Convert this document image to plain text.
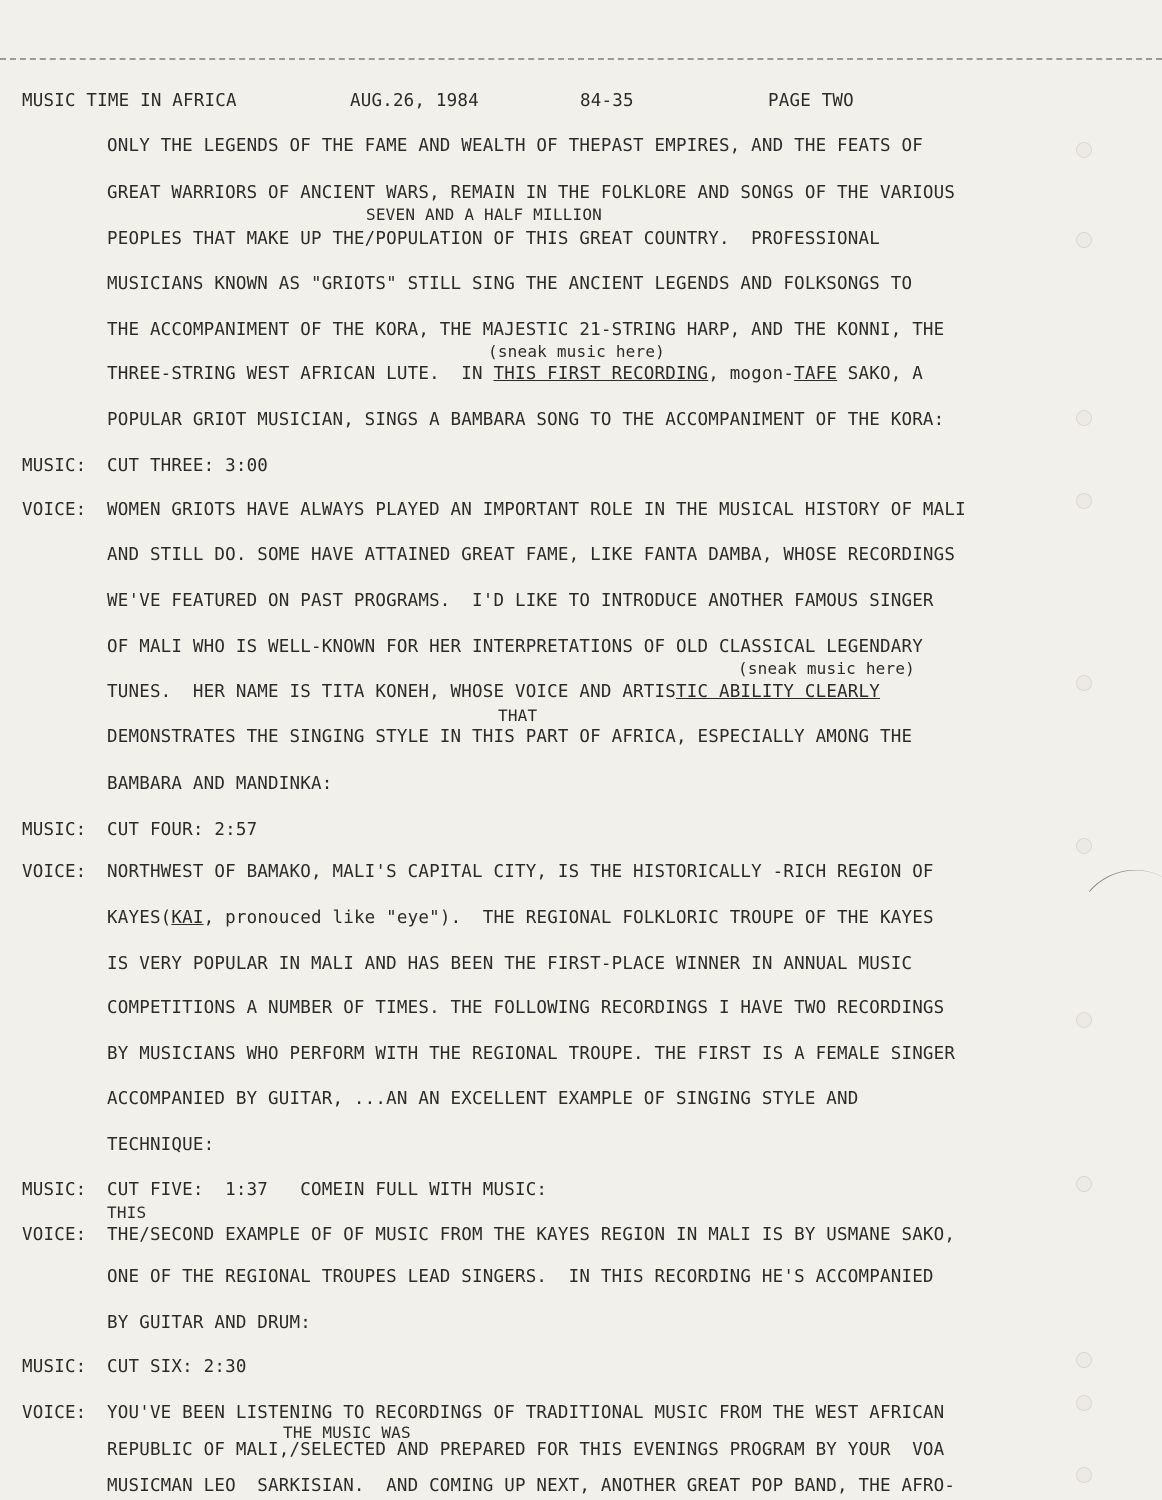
MUSIC TIME IN AFRICA	AUG.26, 1984	84-35	PAGE TWO
ONLY THE LEGENDS OF THE FAME AND WEALTH OF THEPAST EMPIRES, AND THE FEATS OF
GREAT WARRIORS OF ANCIENT WARS, REMAIN IN THE FOLKLORE AND SONGS OF THE VARIOUS
SEVEN AND A HALF MILLION
PEOPLES THAT MAKE UP THE/POPULATION OF THIS GREAT COUNTRY.  PROFESSIONAL
MUSICIANS KNOWN AS "GRIOTS" STILL SING THE ANCIENT LEGENDS AND FOLKSONGS TO
THE ACCOMPANIMENT OF THE KORA, THE MAJESTIC 21-STRING HARP, AND THE KONNI, THE
(sneak music here)
THREE-STRING WEST AFRICAN LUTE.  IN THIS FIRST RECORDING, mogon-TAFE SAKO, A
POPULAR GRIOT MUSICIAN, SINGS A BAMBARA SONG TO THE ACCOMPANIMENT OF THE KORA:
MUSIC: CUT THREE: 3:00
VOICE: WOMEN GRIOTS HAVE ALWAYS PLAYED AN IMPORTANT ROLE IN THE MUSICAL HISTORY OF MALI
AND STILL DO. SOME HAVE ATTAINED GREAT FAME, LIKE FANTA DAMBA, WHOSE RECORDINGS
WE'VE FEATURED ON PAST PROGRAMS.  I'D LIKE TO INTRODUCE ANOTHER FAMOUS SINGER
OF MALI WHO IS WELL-KNOWN FOR HER INTERPRETATIONS OF OLD CLASSICAL LEGENDARY
(sneak music here)
TUNES.  HER NAME IS TITA KONEH, WHOSE VOICE AND ARTISTIC ABILITY CLEARLY
THAT
DEMONSTRATES THE SINGING STYLE IN THIS PART OF AFRICA, ESPECIALLY AMONG THE
BAMBARA AND MANDINKA:
MUSIC: CUT FOUR: 2:57
VOICE: NORTHWEST OF BAMAKO, MALI'S CAPITAL CITY, IS THE HISTORICALLY -RICH REGION OF
KAYES(KAI, pronouced like "eye").  THE REGIONAL FOLKLORIC TROUPE OF THE KAYES
IS VERY POPULAR IN MALI AND HAS BEEN THE FIRST-PLACE WINNER IN ANNUAL MUSIC
COMPETITIONS A NUMBER OF TIMES. THE FOLLOWING RECORDINGS I HAVE TWO RECORDINGS
BY MUSICIANS WHO PERFORM WITH THE REGIONAL TROUPE. THE FIRST IS A FEMALE SINGER
ACCOMPANIED BY GUITAR, ...AN AN EXCELLENT EXAMPLE OF SINGING STYLE AND
TECHNIQUE:
MUSIC: CUT FIVE:  1:37   COMEIN FULL WITH MUSIC:
THIS
VOICE: THE/SECOND EXAMPLE OF OF MUSIC FROM THE KAYES REGION IN MALI IS BY USMANE SAKO,
ONE OF THE REGIONAL TROUPES LEAD SINGERS.  IN THIS RECORDING HE'S ACCOMPANIED
BY GUITAR AND DRUM:
MUSIC: CUT SIX: 2:30
VOICE: YOU'VE BEEN LISTENING TO RECORDINGS OF TRADITIONAL MUSIC FROM THE WEST AFRICAN
THE MUSIC WAS
REPUBLIC OF MALI,/SELECTED AND PREPARED FOR THIS EVENINGS PROGRAM BY YOUR  VOA
MUSICMAN LEO  SARKISIAN.  AND COMING UP NEXT, ANOTHER GREAT POP BAND, THE AFRO-
